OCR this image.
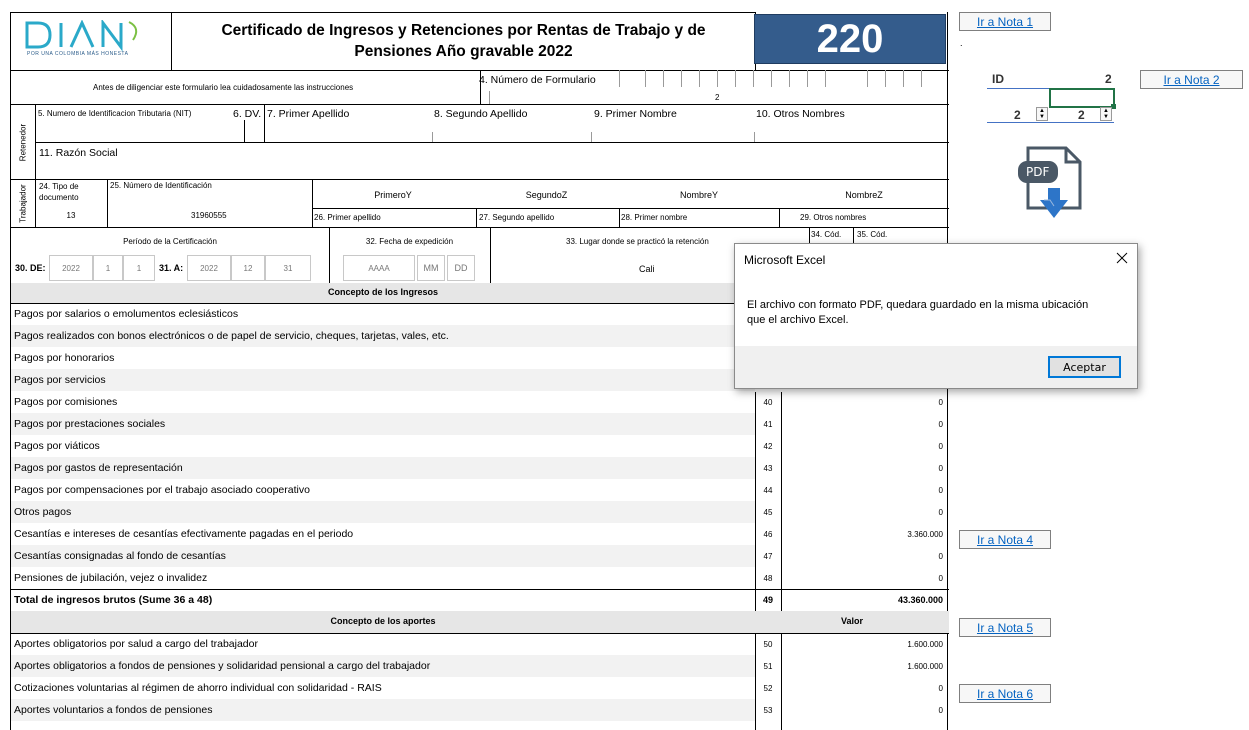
POR UNA COLOMBIA MÁS HONESTA
Certificado de Ingresos y Retenciones por Rentas de Trabajo y de
Pensiones Año gravable 2022
Antes de diligenciar este formulario lea cuidadosamente las instrucciones
4. Número de Formulario
2
Retenedor
5. Numero de Identificacion Tributaria (NIT)	6. DV. 7. Primer Apellido	8. Segundo Apellido	9. Primer Nombre	10. Otros Nombres
11. Razón Social
Trabajador 24. Tipo de documento
13
25. Número de Identificación
31960555
PrimeroY	SegundoZ	NombreY	NombreZ
26. Primer apellido	27. Segundo apellido	28. Primer nombre	29. Otros nombres
Período de la Certificación
30. DE:	2022	1	1	31. A:	2022	12	31
32. Fecha de expedición
AAAA	MM	DD
33. Lugar donde se practicó la retención
Cali
34. Cód. 35. Cód.
Concepto de los Ingresos
Pagos por salarios o emolumentos eclesiásticos
Pagos realizados con bonos electrónicos o de papel de servicio, cheques, tarjetas, vales, etc.
Pagos por honorarios
Pagos por servicios
Pagos por comisiones	40	0
Pagos por prestaciones sociales	41	0
Pagos por viáticos	42	0
Pagos por gastos de representación	43	0
Pagos por compensaciones por el trabajo asociado cooperativo	44	0
Otros pagos	45	0
Cesantías e intereses de cesantías efectivamente pagadas en el periodo	46	3.360.000
Cesantías consignadas al fondo de cesantías	47	0
Pensiones de jubilación, vejez o invalidez	48	0
Total de ingresos brutos (Sume 36 a 48)	49	43.360.000
Concepto de los aportes	Valor
Aportes obligatorios por salud a cargo del trabajador	50	1.600.000
Aportes obligatorios a fondos de pensiones y solidaridad pensional a cargo del trabajador	51	1.600.000
Cotizaciones voluntarias al régimen de ahorro individual con solidaridad - RAIS	52	0
Aportes voluntarios a fondos de pensiones	53	0
220	Ir a Nota 1
.
ID	2
2	▲
▼	2	▲
▼
Ir a Nota 2
PDF
Ir a Nota 4
Ir a Nota 5
Ir a Nota 6
Microsoft Excel
El archivo con formato PDF, quedara guardado en la misma ubicación
que el archivo Excel.
Aceptar
